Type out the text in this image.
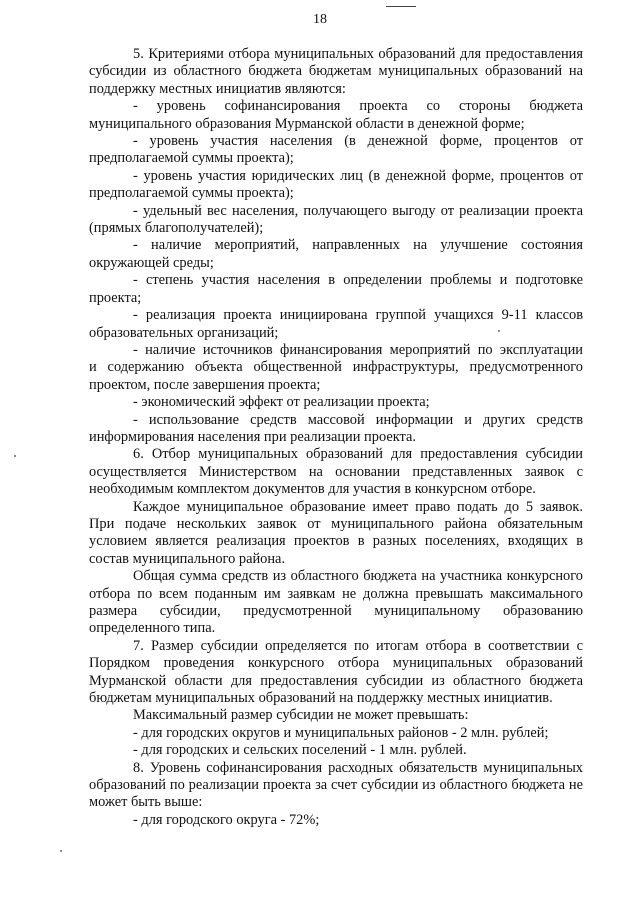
18

5. Критериями отбора муниципальных образований для предоставления субсидии из областного бюджета бюджетам муниципальных образований на поддержку местных инициатив являются:

- уровень софинансирования проекта со стороны бюджета муниципального образования Мурманской области в денежной форме;

- уровень участия населения (в денежной форме, процентов от предполагаемой суммы проекта);

- уровень участия юридических лиц (в денежной форме, процентов от предполагаемой суммы проекта);

- удельный вес населения, получающего выгоду от реализации проекта (прямых благополучателей);

- наличие мероприятий, направленных на улучшение состояния окружающей среды;

- степень участия населения в определении проблемы и подготовке проекта;

- реализация проекта инициирована группой учащихся 9-11 классов образовательных организаций;

- наличие источников финансирования мероприятий по эксплуатации

и содержанию объекта общественной инфраструктуры, предусмотренного проектом, после завершения проекта;

- экономический эффект от реализации проекта;

- использование средств массовой информации и других средств информирования населения при реализации проекта.

6. Отбор муниципальных образований для предоставления субсидии осуществляется Министерством на основании представленных заявок с необходимым комплектом документов для участия в конкурсном отборе.

Каждое муниципальное образование имеет право подать до 5 заявок. При подаче нескольких заявок от муниципального района обязательным условием является реализация проектов в разных поселениях, входящих в состав муниципального района.

Общая сумма средств из областного бюджета на участника конкурсного отбора по всем поданным им заявкам не должна превышать максимального размера субсидии, предусмотренной муниципальному образованию определенного типа.

7. Размер субсидии определяется по итогам отбора в соответствии с Порядком проведения конкурсного отбора муниципальных образований Мурманской области для предоставления субсидии из областного бюджета бюджетам муниципальных образований на поддержку местных инициатив.

Максимальный размер субсидии не может превышать:

- для городских округов и муниципальных районов - 2 млн. рублей;

- для городских и сельских поселений - 1 млн. рублей.

8. Уровень софинансирования расходных обязательств муниципальных образований по реализации проекта за счет субсидии из областного бюджета не может быть выше:

- для городского округа - 72%;
